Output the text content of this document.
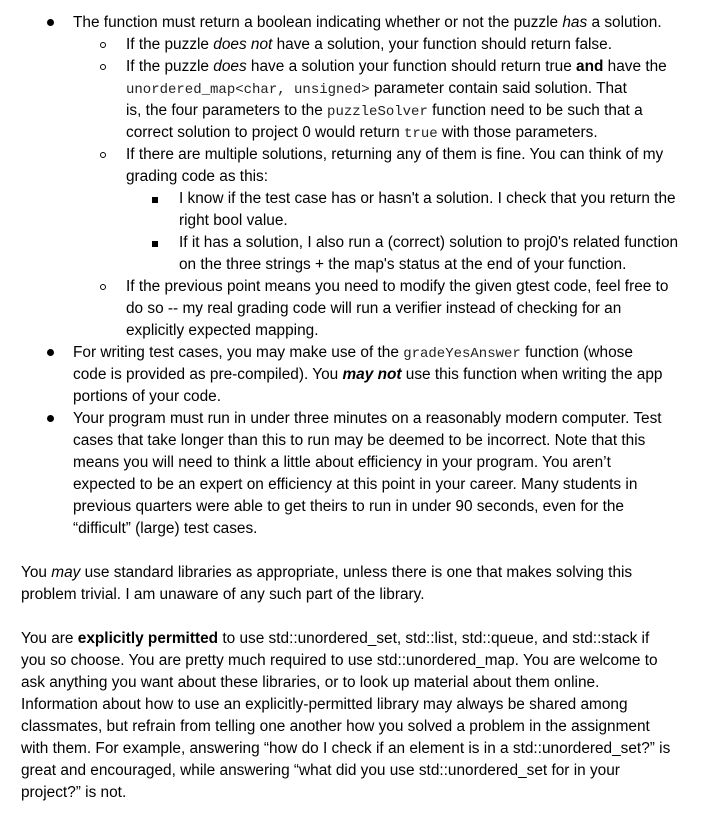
The function must return a boolean indicating whether or not the puzzle has a solution.
If the puzzle does not have a solution, your function should return false.
If the puzzle does have a solution your function should return true and have the
unordered_map<char, unsigned> parameter contain said solution. That
is, the four parameters to the puzzleSolver function need to be such that a
correct solution to project 0 would return true with those parameters.
If there are multiple solutions, returning any of them is fine. You can think of my
grading code as this:
I know if the test case has or hasn't a solution. I check that you return the
right bool value.
If it has a solution, I also run a (correct) solution to proj0's related function
on the three strings + the map's status at the end of your function.
If the previous point means you need to modify the given gtest code, feel free to
do so -- my real grading code will run a verifier instead of checking for an
explicitly expected mapping.
For writing test cases, you may make use of the gradeYesAnswer function (whose
code is provided as pre-compiled). You may not use this function when writing the app
portions of your code.
Your program must run in under three minutes on a reasonably modern computer. Test
cases that take longer than this to run may be deemed to be incorrect. Note that this
means you will need to think a little about efficiency in your program. You aren’t
expected to be an expert on efficiency at this point in your career. Many students in
previous quarters were able to get theirs to run in under 90 seconds, even for the
“difficult” (large) test cases.
You may use standard libraries as appropriate, unless there is one that makes solving this
problem trivial. I am unaware of any such part of the library.
You are explicitly permitted to use std::unordered_set, std::list, std::queue, and std::stack if
you so choose. You are pretty much required to use std::unordered_map. You are welcome to
ask anything you want about these libraries, or to look up material about them online.
Information about how to use an explicitly-permitted library may always be shared among
classmates, but refrain from telling one another how you solved a problem in the assignment
with them. For example, answering “how do I check if an element is in a std::unordered_set?” is
great and encouraged, while answering “what did you use std::unordered_set for in your
project?” is not.
